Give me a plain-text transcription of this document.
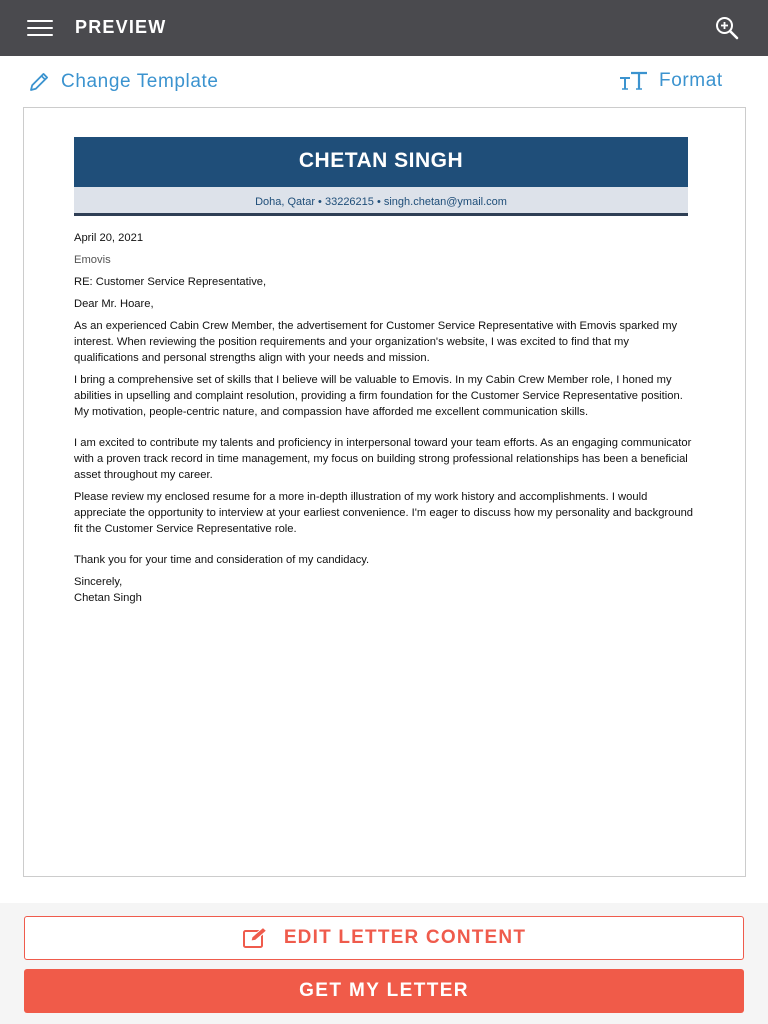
PREVIEW
Change Template	Format
CHETAN SINGH
Doha, Qatar • 33226215 • singh.chetan@ymail.com

April 20, 2021

Emovis

RE: Customer Service Representative,

Dear Mr. Hoare,

As an experienced Cabin Crew Member, the advertisement for Customer Service Representative with Emovis sparked my interest. When reviewing the position requirements and your organization's website, I was excited to find that my qualifications and personal strengths align with your needs and mission.

I bring a comprehensive set of skills that I believe will be valuable to Emovis. In my Cabin Crew Member role, I honed my abilities in upselling and complaint resolution, providing a firm foundation for the Customer Service Representative position. My motivation, people-centric nature, and compassion have afforded me excellent communication skills.

I am excited to contribute my talents and proficiency in interpersonal toward your team efforts. As an engaging communicator with a proven track record in time management, my focus on building strong professional relationships has been a beneficial asset throughout my career.

Please review my enclosed resume for a more in-depth illustration of my work history and accomplishments. I would appreciate the opportunity to interview at your earliest convenience. I'm eager to discuss how my personality and background fit the Customer Service Representative role.

Thank you for your time and consideration of my candidacy.

Sincerely,

Chetan Singh

EDIT LETTER CONTENT
GET MY LETTER
